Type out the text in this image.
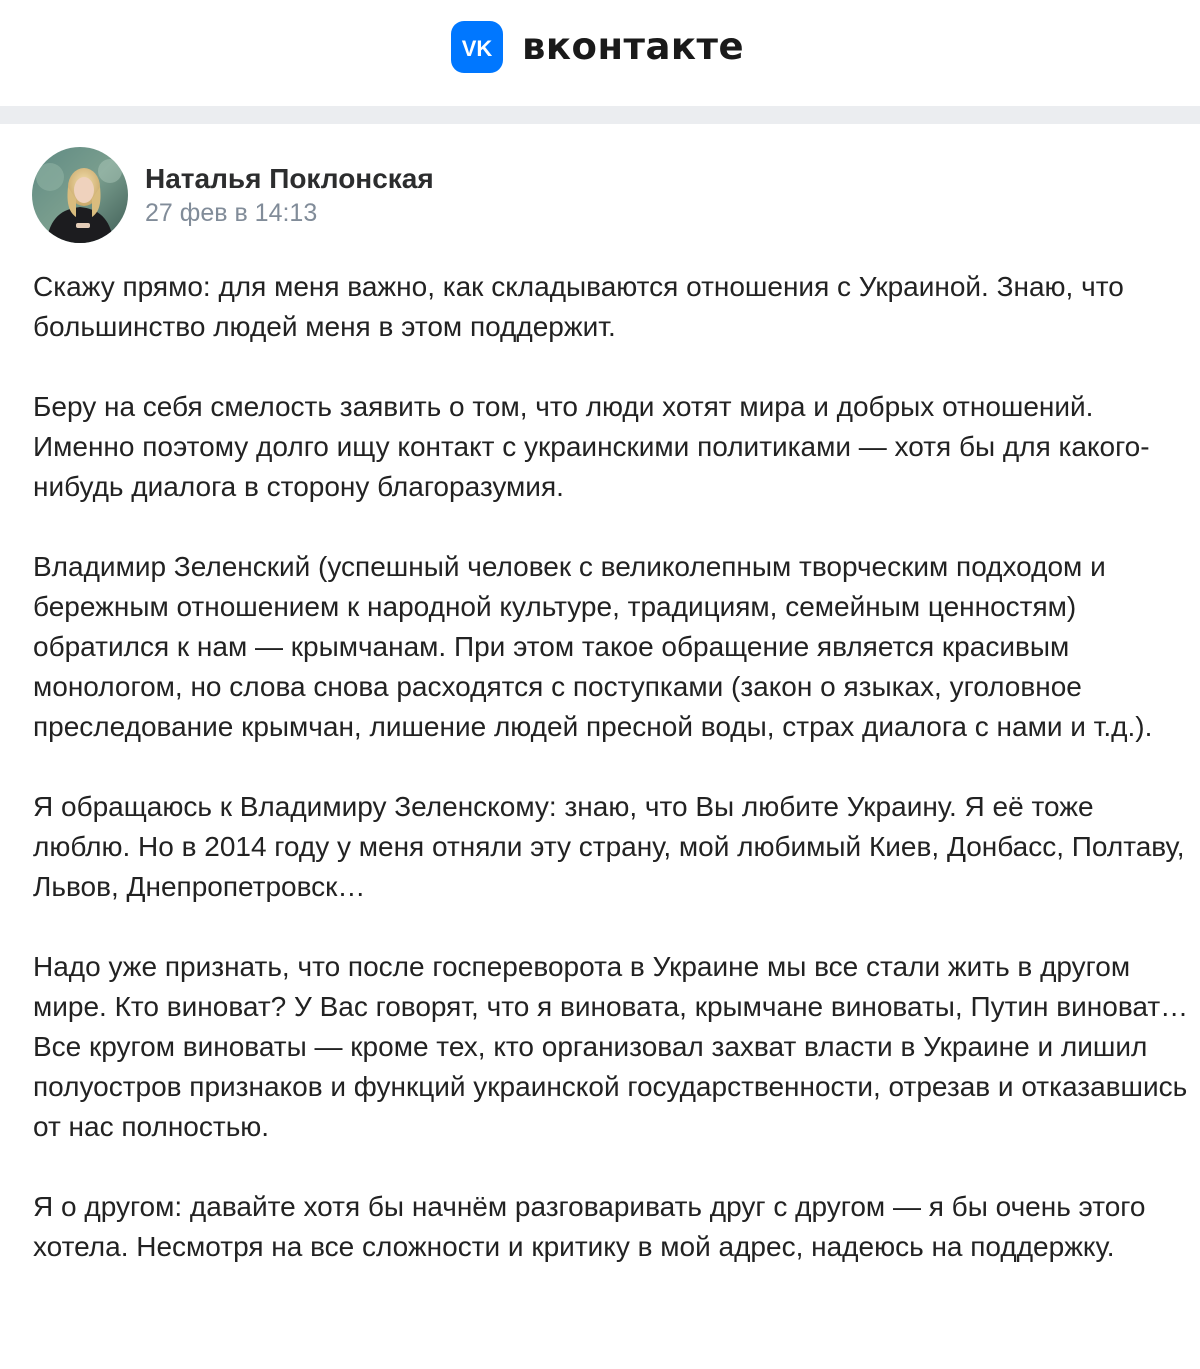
VK вконтакте
Наталья Поклонская
27 фев в 14:13

Скажу прямо: для меня важно, как складываются отношения с Украиной. Знаю, что большинство людей меня в этом поддержит.

Беру на себя смелость заявить о том, что люди хотят мира и добрых отношений. Именно поэтому долго ищу контакт с украинскими политиками — хотя бы для какого-нибудь диалога в сторону благоразумия.

Владимир Зеленский (успешный человек с великолепным творческим подходом и бережным отношением к народной культуре, традициям, семейным ценностям) обратился к нам — крымчанам. При этом такое обращение является красивым монологом, но слова снова расходятся с поступками (закон о языках, уголовное преследование крымчан, лишение людей пресной воды, страх диалога с нами и т.д.).

Я обращаюсь к Владимиру Зеленскому: знаю, что Вы любите Украину. Я её тоже люблю. Но в 2014 году у меня отняли эту страну, мой любимый Киев, Донбасс, Полтаву, Львов, Днепропетровск…

Надо уже признать, что после госпереворота в Украине мы все стали жить в другом мире. Кто виноват? У Вас говорят, что я виновата, крымчане виноваты, Путин виноват… Все кругом виноваты — кроме тех, кто организовал захват власти в Украине и лишил полуостров признаков и функций украинской государственности, отрезав и отказавшись от нас полностью.

Я о другом: давайте хотя бы начнём разговаривать друг с другом — я бы очень этого хотела. Несмотря на все сложности и критику в мой адрес, надеюсь на поддержку.
